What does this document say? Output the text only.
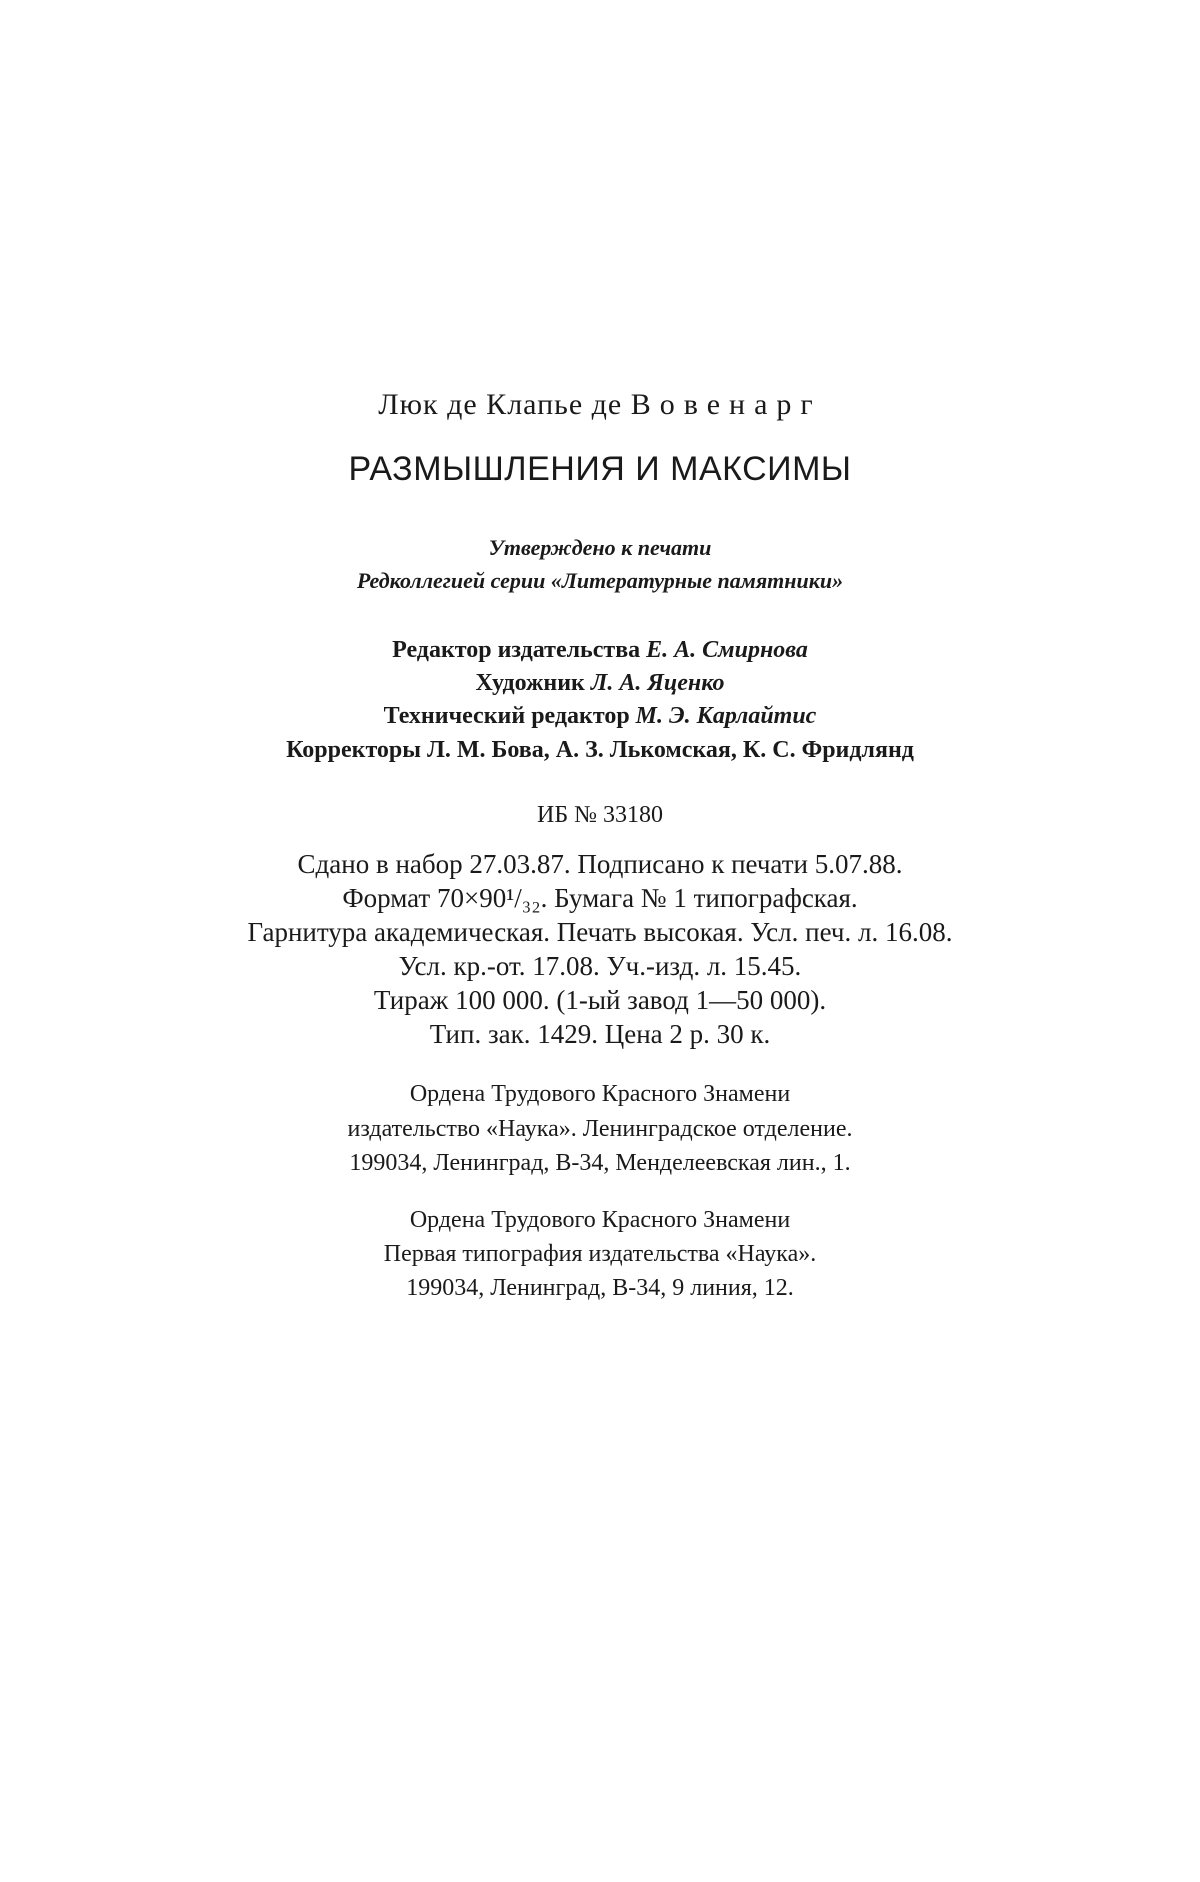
Люк де Клапье де Вовенарг
РАЗМЫШЛЕНИЯ И МАКСИМЫ
Утверждено к печати
Редколлегией серии «Литературные памятники»
Редактор издательства Е. А. Смирнова
Художник Л. А. Яценко
Технический редактор М. Э. Карлайтис
Корректоры Л. М. Бова, А. З. Лькомская, К. С. Фридлянд
ИБ № 33180
Сдано в набор 27.03.87. Подписано к печати 5.07.88.
Формат 70×90¹/₃₂. Бумага № 1 типографская.
Гарнитура академическая. Печать высокая. Усл. печ. л. 16.08.
Усл. кр.-от. 17.08. Уч.-изд. л. 15.45.
Тираж 100 000. (1-ый завод 1—50 000).
Тип. зак. 1429. Цена 2 р. 30 к.
Ордена Трудового Красного Знамени
издательство «Наука». Ленинградское отделение.
199034, Ленинград, В-34, Менделеевская лин., 1.
Ордена Трудового Красного Знамени
Первая типография издательства «Наука».
199034, Ленинград, В-34, 9 линия, 12.
